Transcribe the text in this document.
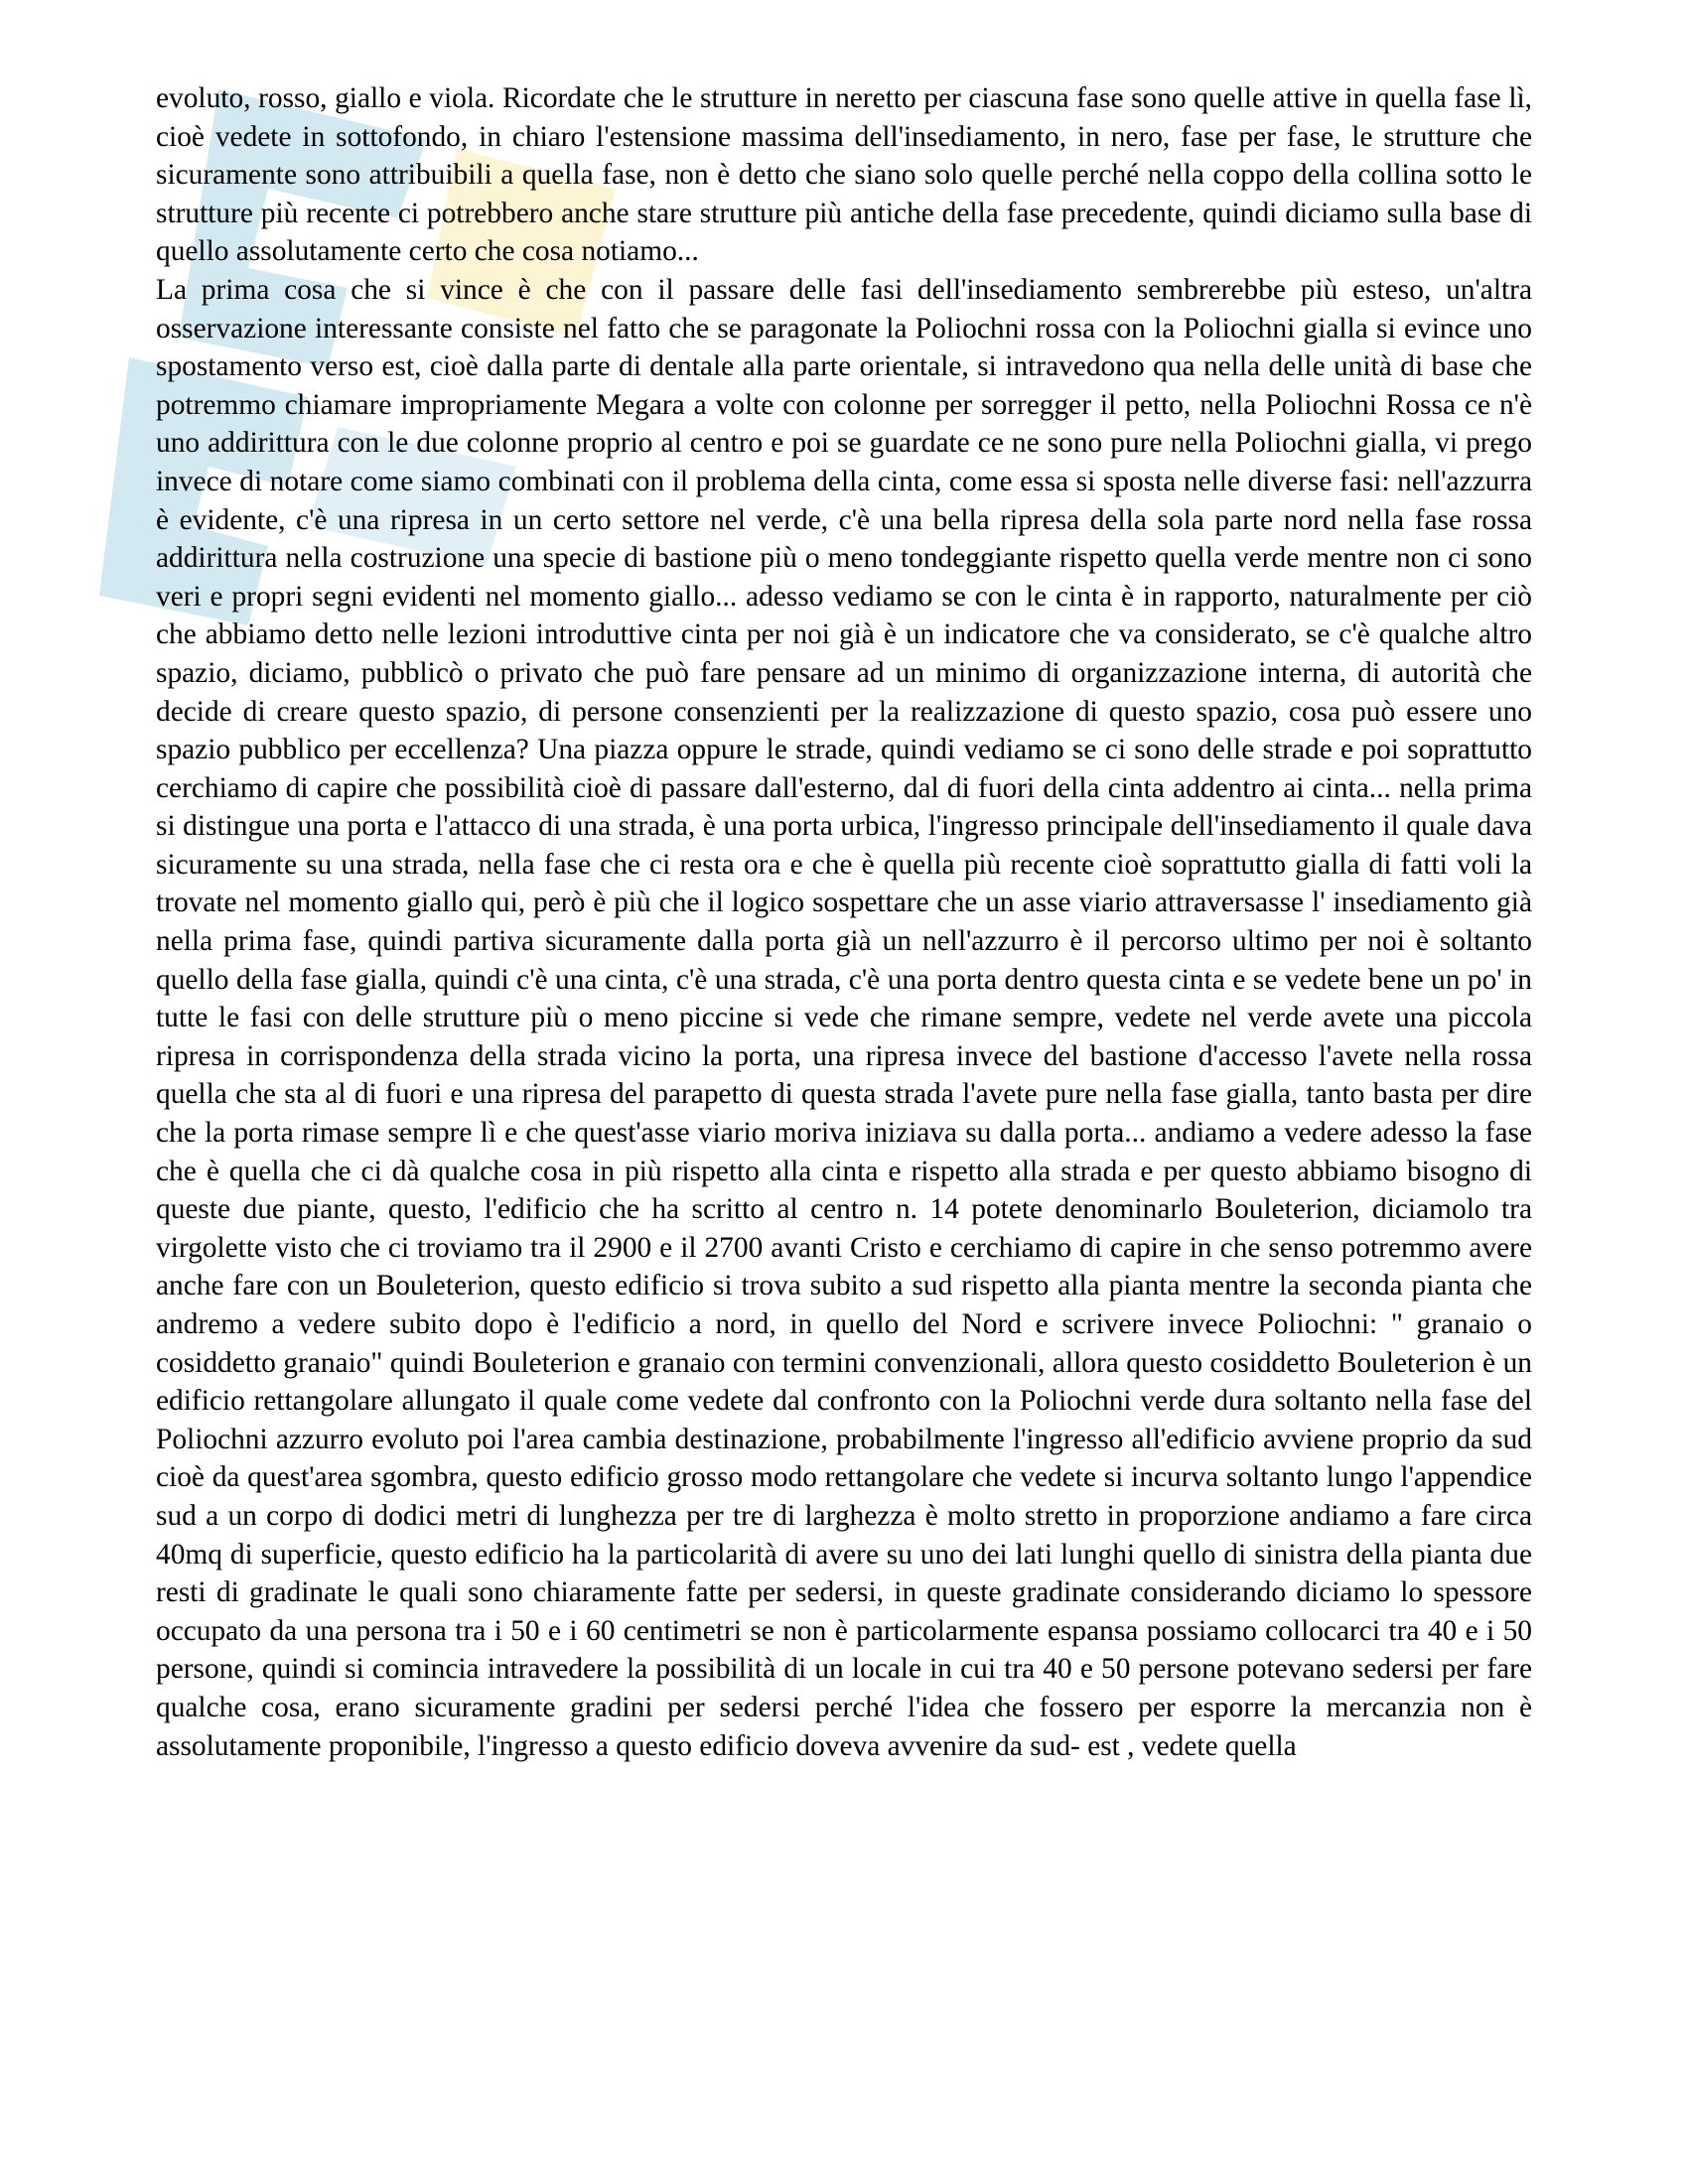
evoluto, rosso, giallo e viola. Ricordate che le strutture in neretto per ciascuna fase sono quelle attive in quella fase lì, cioè vedete in sottofondo, in chiaro l'estensione massima dell'insediamento, in nero, fase per fase, le strutture che sicuramente sono attribuibili a quella fase, non è detto che siano solo quelle perché nella coppo della collina sotto le strutture più recente ci potrebbero anche stare strutture più antiche della fase precedente, quindi diciamo sulla base di quello assolutamente certo che cosa notiamo...

La prima cosa che si vince è che con il passare delle fasi dell'insediamento sembrerebbe più esteso, un'altra osservazione interessante consiste nel fatto che se paragonate la Poliochni rossa con la Poliochni gialla si evince uno spostamento verso est, cioè dalla parte di dentale alla parte orientale, si intravedono qua nella delle unità di base che potremmo chiamare impropriamente Megara a volte con colonne per sorregger il petto, nella Poliochni Rossa ce n'è uno addirittura con le due colonne proprio al centro e poi se guardate ce ne sono pure nella Poliochni gialla, vi prego invece di notare come siamo combinati con il problema della cinta, come essa si sposta nelle diverse fasi: nell'azzurra è evidente, c'è una ripresa in un certo settore nel verde, c'è una bella ripresa della sola parte nord nella fase rossa addirittura nella costruzione una specie di bastione più o meno tondeggiante rispetto quella verde mentre non ci sono veri e propri segni evidenti nel momento giallo... adesso vediamo se con le cinta è in rapporto, naturalmente per ciò che abbiamo detto nelle lezioni introduttive cinta per noi già è un indicatore che va considerato, se c'è qualche altro spazio, diciamo, pubblicò o privato che può fare pensare ad un minimo di organizzazione interna, di autorità che decide di creare questo spazio, di persone consenzienti per la realizzazione di questo spazio, cosa può essere uno spazio pubblico per eccellenza? Una piazza oppure le strade, quindi vediamo se ci sono delle strade e poi soprattutto cerchiamo di capire che possibilità cioè di passare dall'esterno, dal di fuori della cinta addentro ai cinta... nella prima si distingue una porta e l'attacco di una strada, è una porta urbica, l'ingresso principale dell'insediamento il quale dava sicuramente su una strada, nella fase che ci resta ora e che è quella più recente cioè soprattutto gialla di fatti voli la trovate nel momento giallo qui, però è più che il logico sospettare che un asse viario attraversasse l' insediamento già nella prima fase, quindi partiva sicuramente dalla porta già un nell'azzurro è il percorso ultimo per noi è soltanto quello della fase gialla, quindi c'è una cinta, c'è una strada, c'è una porta dentro questa cinta e se vedete bene un po' in tutte le fasi con delle strutture più o meno piccine si vede che rimane sempre, vedete nel verde avete una piccola ripresa in corrispondenza della strada vicino la porta, una ripresa invece del bastione d'accesso l'avete nella rossa quella che sta al di fuori e una ripresa del parapetto di questa strada l'avete pure nella fase gialla, tanto basta per dire che la porta rimase sempre lì e che quest'asse viario moriva iniziava su dalla porta... andiamo a vedere adesso la fase che è quella che ci dà qualche cosa in più rispetto alla cinta e rispetto alla strada e per questo abbiamo bisogno di queste due piante, questo, l'edificio che ha scritto al centro n. 14 potete denominarlo Bouleterion, diciamolo tra virgolette visto che ci troviamo tra il 2900 e il 2700 avanti Cristo e cerchiamo di capire in che senso potremmo avere anche fare con un Bouleterion, questo edificio si trova subito a sud rispetto alla pianta mentre la seconda pianta che andremo a vedere subito dopo è l'edificio a nord, in quello del Nord e scrivere invece Poliochni: " granaio o cosiddetto granaio" quindi Bouleterion e granaio con termini convenzionali, allora questo cosiddetto Bouleterion è un edificio rettangolare allungato il quale come vedete dal confronto con la Poliochni verde dura soltanto nella fase del Poliochni azzurro evoluto poi l'area cambia destinazione, probabilmente l'ingresso all'edificio avviene proprio da sud cioè da quest'area sgombra, questo edificio grosso modo rettangolare che vedete si incurva soltanto lungo l'appendice sud a un corpo di dodici metri di lunghezza per tre di larghezza è molto stretto in proporzione andiamo a fare circa 40mq di superficie, questo edificio ha la particolarità di avere su uno dei lati lunghi quello di sinistra della pianta due resti di gradinate le quali sono chiaramente fatte per sedersi, in queste gradinate considerando diciamo lo spessore occupato da una persona tra i 50 e i 60 centimetri se non è particolarmente espansa possiamo collocarci tra 40 e i 50 persone, quindi si comincia intravedere la possibilità di un locale in cui tra 40 e 50 persone potevano sedersi per fare qualche cosa, erano sicuramente gradini per sedersi perché l'idea che fossero per esporre la mercanzia non è assolutamente proponibile, l'ingresso a questo edificio doveva avvenire da sud- est , vedete quella
